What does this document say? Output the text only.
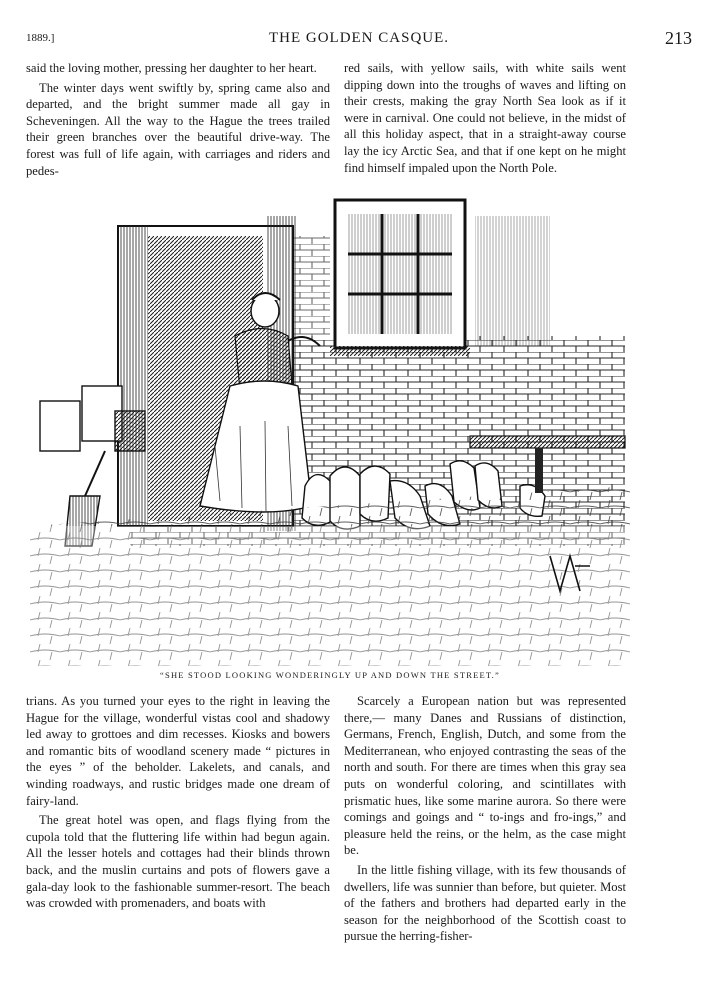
1889.]	THE GOLDEN CASQUE.	213

said the loving mother, pressing her daughter to her heart.

The winter days went swiftly by, spring came also and departed, and the bright summer made all gay in Scheveningen. All the way to the Hague the trees trailed their green branches over the beautiful drive-way. The forest was full of life again, with carriages and riders and pedes-

red sails, with yellow sails, with white sails went dipping down into the troughs of waves and lifting on their crests, making the gray North Sea look as if it were in carnival. One could not believe, in the midst of all this holiday aspect, that in a straight-away course lay the icy Arctic Sea, and that if one kept on he might find himself impaled upon the North Pole.

“SHE STOOD LOOKING WONDERINGLY UP AND DOWN THE STREET.”

trians. As you turned your eyes to the right in leaving the Hague for the village, wonderful vistas cool and shadowy led away to grottoes and dim recesses. Kiosks and bowers and romantic bits of woodland scenery made “ pictures in the eyes ” of the beholder. Lakelets, and canals, and winding roadways, and rustic bridges made one dream of fairy-land.

The great hotel was open, and flags flying from the cupola told that the fluttering life within had begun again. All the lesser hotels and cottages had their blinds thrown back, and the muslin curtains and pots of flowers gave a gala-day look to the fashionable summer-resort. The beach was crowded with promenaders, and boats with

Scarcely a European nation but was represented there,— many Danes and Russians of distinction, Germans, French, English, Dutch, and some from the Mediterranean, who enjoyed contrasting the seas of the north and south. For there are times when this gray sea puts on wonderful coloring, and scintillates with prismatic hues, like some marine aurora. So there were comings and goings and “ to-ings and fro-ings,” and pleasure held the reins, or the helm, as the case might be.

In the little fishing village, with its few thousands of dwellers, life was sunnier than before, but quieter. Most of the fathers and brothers had departed early in the season for the neighborhood of the Scottish coast to pursue the herring-fisher-
